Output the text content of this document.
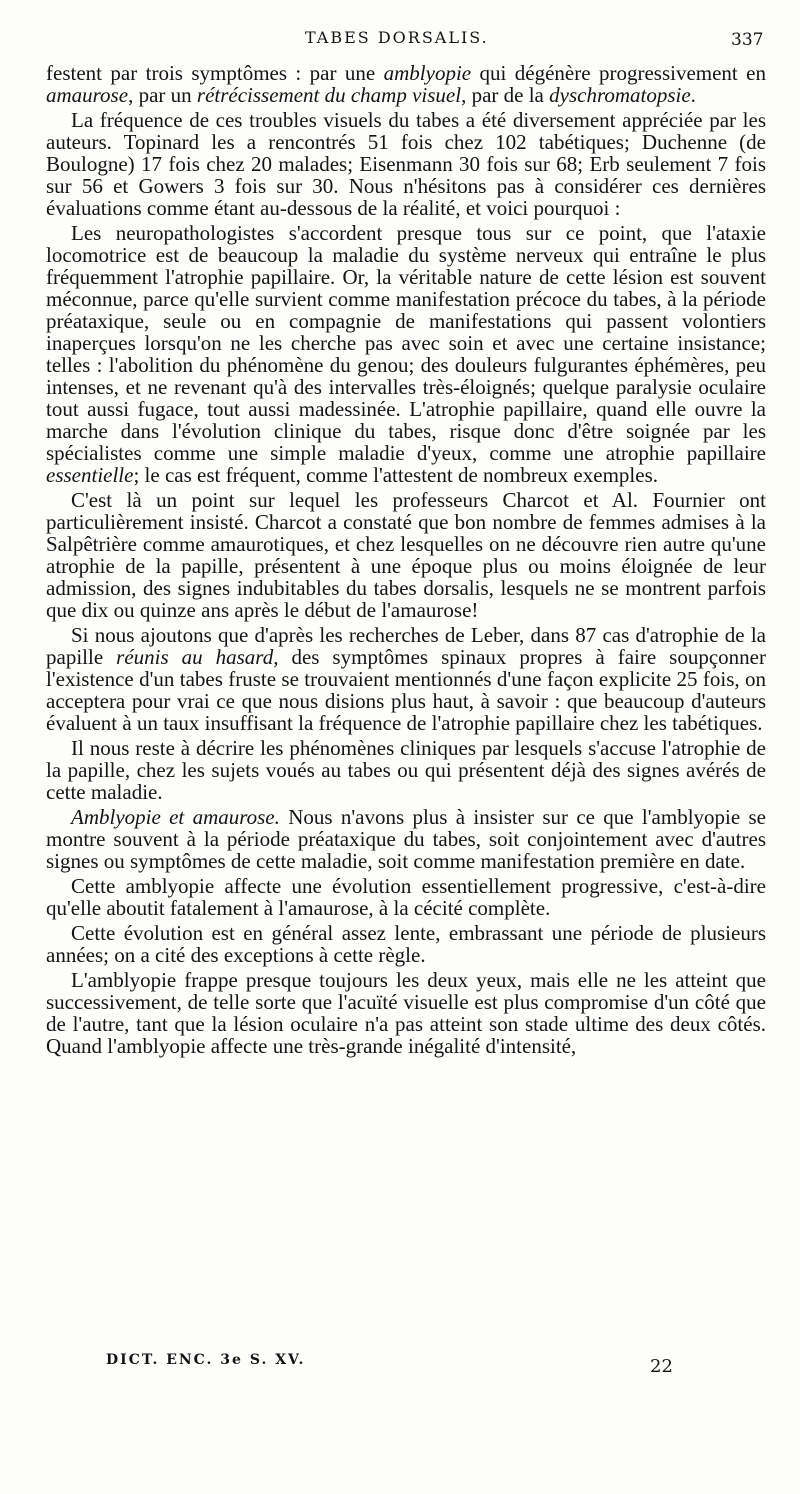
TABES DORSALIS.	337

festent par trois symptômes : par une amblyopie qui dégénère progressivement en amaurose, par un rétrécissement du champ visuel, par de la dyschromatopsie.

La fréquence de ces troubles visuels du tabes a été diversement appréciée par les auteurs. Topinard les a rencontrés 51 fois chez 102 tabétiques; Duchenne (de Boulogne) 17 fois chez 20 malades; Eisenmann 30 fois sur 68; Erb seulement 7 fois sur 56 et Gowers 3 fois sur 30. Nous n'hésitons pas à considérer ces dernières évaluations comme étant au-dessous de la réalité, et voici pourquoi :

Les neuropathologistes s'accordent presque tous sur ce point, que l'ataxie locomotrice est de beaucoup la maladie du système nerveux qui entraîne le plus fréquemment l'atrophie papillaire. Or, la véritable nature de cette lésion est souvent méconnue, parce qu'elle survient comme manifestation précoce du tabes, à la période préataxique, seule ou en compagnie de manifestations qui passent volontiers inaperçues lorsqu'on ne les cherche pas avec soin et avec une certaine insistance; telles : l'abolition du phénomène du genou; des douleurs fulgurantes éphémères, peu intenses, et ne revenant qu'à des intervalles très-éloignés; quelque paralysie oculaire tout aussi fugace, tout aussi madessinée. L'atrophie papillaire, quand elle ouvre la marche dans l'évolution clinique du tabes, risque donc d'être soignée par les spécialistes comme une simple maladie d'yeux, comme une atrophie papillaire essentielle; le cas est fréquent, comme l'attestent de nombreux exemples.

C'est là un point sur lequel les professeurs Charcot et Al. Fournier ont particulièrement insisté. Charcot a constaté que bon nombre de femmes admises à la Salpêtrière comme amaurotiques, et chez lesquelles on ne découvre rien autre qu'une atrophie de la papille, présentent à une époque plus ou moins éloignée de leur admission, des signes indubitables du tabes dorsalis, lesquels ne se montrent parfois que dix ou quinze ans après le début de l'amaurose!

Si nous ajoutons que d'après les recherches de Leber, dans 87 cas d'atrophie de la papille réunis au hasard, des symptômes spinaux propres à faire soupçonner l'existence d'un tabes fruste se trouvaient mentionnés d'une façon explicite 25 fois, on acceptera pour vrai ce que nous disions plus haut, à savoir : que beaucoup d'auteurs évaluent à un taux insuffisant la fréquence de l'atrophie papillaire chez les tabétiques.

Il nous reste à décrire les phénomènes cliniques par lesquels s'accuse l'atrophie de la papille, chez les sujets voués au tabes ou qui présentent déjà des signes avérés de cette maladie.

Amblyopie et amaurose. Nous n'avons plus à insister sur ce que l'amblyopie se montre souvent à la période préataxique du tabes, soit conjointement avec d'autres signes ou symptômes de cette maladie, soit comme manifestation première en date.

Cette amblyopie affecte une évolution essentiellement progressive, c'est-à-dire qu'elle aboutit fatalement à l'amaurose, à la cécité complète.

Cette évolution est en général assez lente, embrassant une période de plusieurs années; on a cité des exceptions à cette règle.

L'amblyopie frappe presque toujours les deux yeux, mais elle ne les atteint que successivement, de telle sorte que l'acuïté visuelle est plus compromise d'un côté que de l'autre, tant que la lésion oculaire n'a pas atteint son stade ultime des deux côtés. Quand l'amblyopie affecte une très-grande inégalité d'intensité,

DICT. ENC. 3e S. XV.	22
